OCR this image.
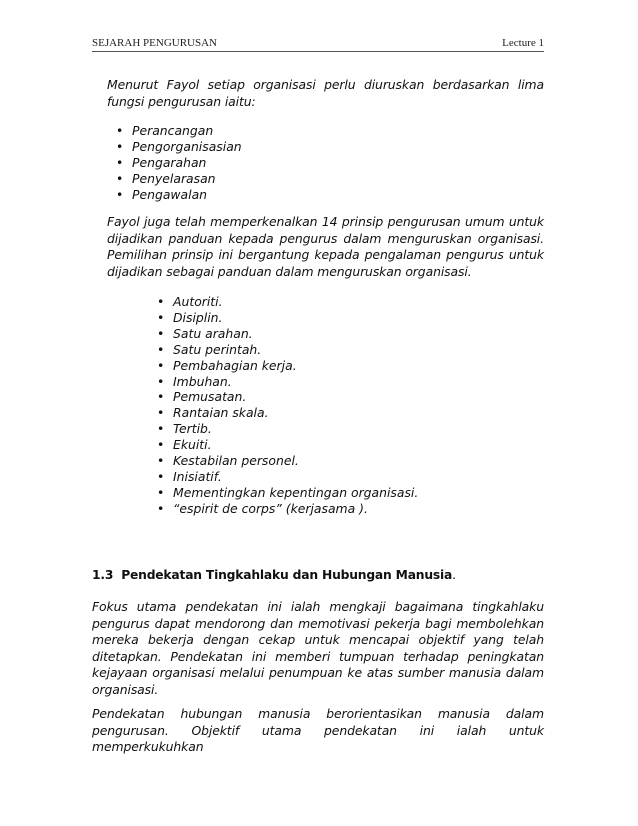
SEJARAH PENGURUSAN	Lecture 1

Menurut Fayol setiap organisasi perlu diuruskan berdasarkan lima fungsi pengurusan iaitu:

• Perancangan
• Pengorganisasian
• Pengarahan
• Penyelarasan
• Pengawalan

Fayol juga telah memperkenalkan 14 prinsip pengurusan umum untuk dijadikan panduan kepada pengurus dalam menguruskan organisasi. Pemilihan prinsip ini bergantung kepada pengalaman pengurus untuk dijadikan sebagai panduan dalam menguruskan organisasi.

• Autoriti.
• Disiplin.
• Satu arahan.
• Satu perintah.
• Pembahagian kerja.
• Imbuhan.
• Pemusatan.
• Rantaian skala.
• Tertib.
• Ekuiti.
• Kestabilan personel.
• Inisiatif.
• Mementingkan kepentingan organisasi.
• “espirit de corps” (kerjasama ).

1.3 Pendekatan Tingkahlaku dan Hubungan Manusia.

Fokus utama pendekatan ini ialah mengkaji bagaimana tingkahlaku pengurus dapat mendorong dan memotivasi pekerja bagi membolehkan mereka bekerja dengan cekap untuk mencapai objektif yang telah ditetapkan. Pendekatan ini memberi tumpuan terhadap peningkatan kejayaan organisasi melalui penumpuan ke atas sumber manusia dalam organisasi.

Pendekatan hubungan manusia berorientasikan manusia dalam
pengurusan. Objektif utama pendekatan ini ialah untuk memperkukuhkan
